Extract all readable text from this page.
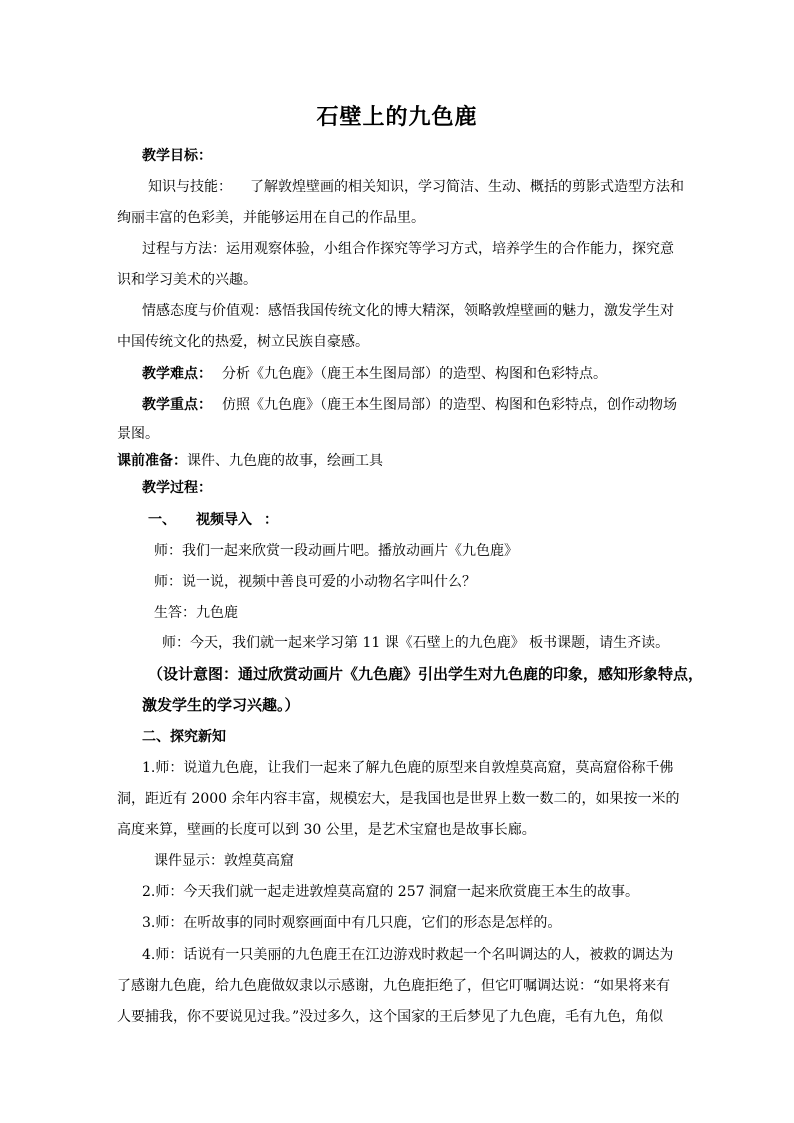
石壁上的九色鹿
教学目标：
知识与技能： 了解敦煌壁画的相关知识，学习简洁、生动、概括的剪影式造型方法和
绚丽丰富的色彩美，并能够运用在自己的作品里。
过程与方法：运用观察体验，小组合作探究等学习方式，培养学生的合作能力，探究意
识和学习美术的兴趣。
情感态度与价值观：感悟我国传统文化的博大精深，领略敦煌壁画的魅力，激发学生对
中国传统文化的热爱，树立民族自豪感。
教学难点： 分析《九色鹿》（鹿王本生图局部）的造型、构图和色彩特点。
教学重点： 仿照《九色鹿》（鹿王本生图局部）的造型、构图和色彩特点，创作动物场
景图。
课前准备：课件、九色鹿的故事，绘画工具
教学过程：
一、 视频导入 ：
师：我们一起来欣赏一段动画片吧。播放动画片《九色鹿》
师：说一说，视频中善良可爱的小动物名字叫什么？
生答：九色鹿
师：今天，我们就一起来学习第 11 课《石壁上的九色鹿》 板书课题，请生齐读。
（设计意图：通过欣赏动画片《九色鹿》引出学生对九色鹿的印象，感知形象特点，
激发学生的学习兴趣。）
二、探究新知
1.师：说道九色鹿，让我们一起来了解九色鹿的原型来自敦煌莫高窟，莫高窟俗称千佛
洞，距近有 2000 余年内容丰富，规模宏大，是我国也是世界上数一数二的，如果按一米的
高度来算，壁画的长度可以到 30 公里，是艺术宝窟也是故事长廊。
课件显示：敦煌莫高窟
2.师：今天我们就一起走进敦煌莫高窟的 257 洞窟一起来欣赏鹿王本生的故事。
3.师：在听故事的同时观察画面中有几只鹿，它们的形态是怎样的。
4.师：话说有一只美丽的九色鹿王在江边游戏时救起一个名叫调达的人，被救的调达为
了感谢九色鹿，给九色鹿做奴隶以示感谢，九色鹿拒绝了，但它叮嘱调达说：“如果将来有
人要捕我，你不要说见过我。”没过多久，这个国家的王后梦见了九色鹿，毛有九色，角似
